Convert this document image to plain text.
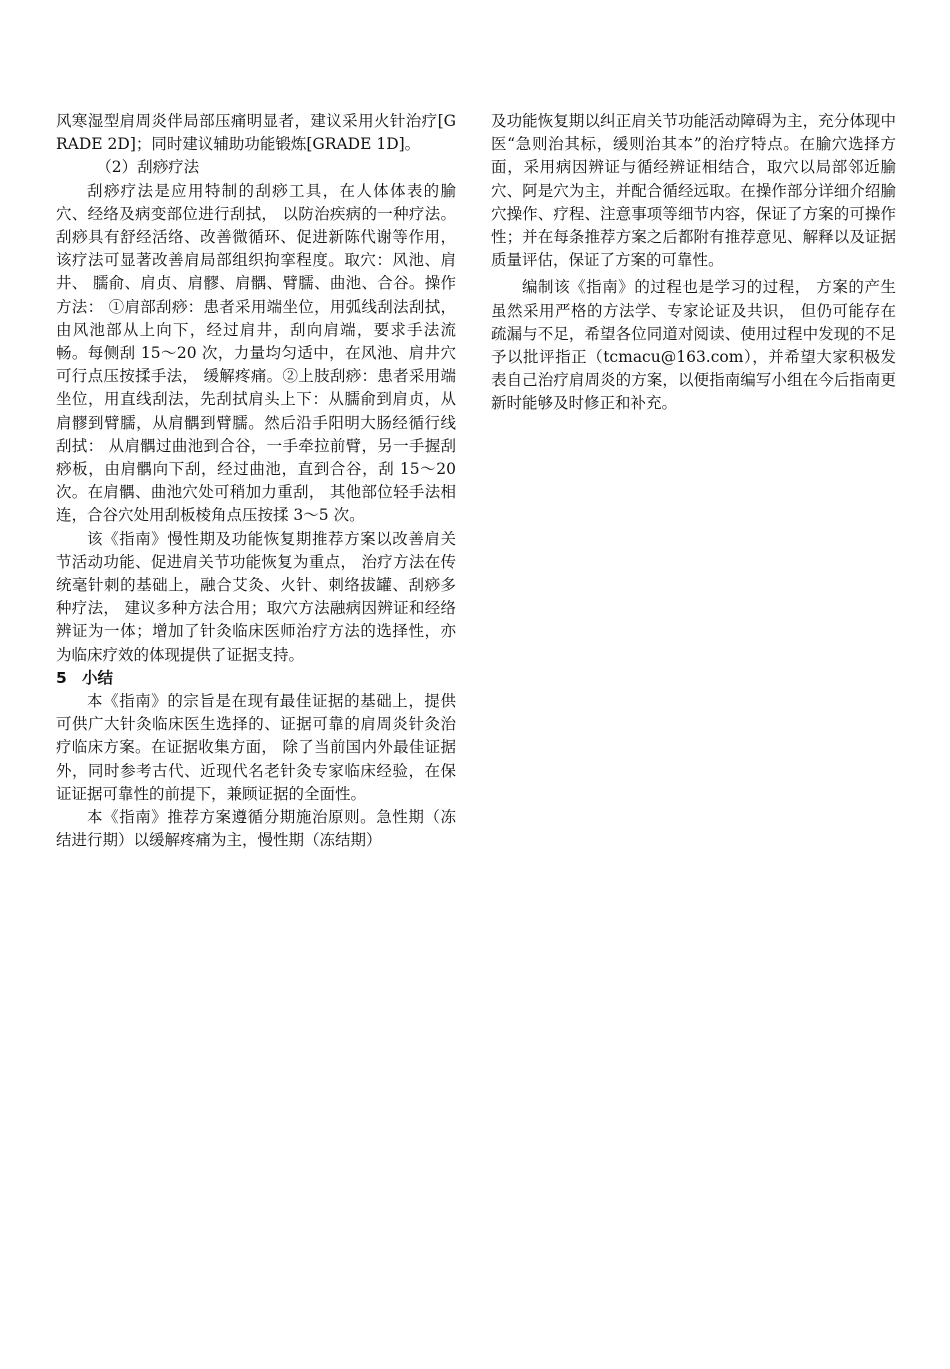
风寒湿型肩周炎伴局部压痛明显者，建议采用火针治疗[GRADE 2D]；同时建议辅助功能锻炼[GRADE 1D]。

（2）刮痧疗法

刮痧疗法是应用特制的刮痧工具，在人体体表的腧穴、经络及病变部位进行刮拭， 以防治疾病的一种疗法。刮痧具有舒经活络、改善微循环、促进新陈代谢等作用，该疗法可显著改善肩局部组织拘挛程度。取穴：风池、肩井、 臑俞、肩贞、肩髎、肩髃、臂臑、曲池、合谷。操作方法： ①肩部刮痧：患者采用端坐位，用弧线刮法刮拭，由风池部从上向下，经过肩井，刮向肩端，要求手法流畅。每侧刮 15～20 次，力量均匀适中，在风池、肩井穴可行点压按揉手法， 缓解疼痛。②上肢刮痧：患者采用端坐位，用直线刮法，先刮拭肩头上下：从臑俞到肩贞，从肩髎到臂臑，从肩髃到臂臑。然后沿手阳明大肠经循行线刮拭： 从肩髃过曲池到合谷，一手牵拉前臂，另一手握刮痧板，由肩髃向下刮，经过曲池，直到合谷，刮 15～20 次。在肩髃、曲池穴处可稍加力重刮， 其他部位轻手法相连，合谷穴处用刮板棱角点压按揉 3～5 次。

该《指南》慢性期及功能恢复期推荐方案以改善肩关节活动功能、促进肩关节功能恢复为重点， 治疗方法在传统毫针刺的基础上，融合艾灸、火针、刺络拔罐、刮痧多种疗法， 建议多种方法合用；取穴方法融病因辨证和经络辨证为一体；增加了针灸临床医师治疗方法的选择性，亦为临床疗效的体现提供了证据支持。

5 小结

本《指南》的宗旨是在现有最佳证据的基础上，提供可供广大针灸临床医生选择的、证据可靠的肩周炎针灸治疗临床方案。在证据收集方面， 除了当前国内外最佳证据外，同时参考古代、近现代名老针灸专家临床经验，在保证证据可靠性的前提下，兼顾证据的全面性。

本《指南》推荐方案遵循分期施治原则。急性期（冻结进行期）以缓解疼痛为主，慢性期（冻结期）

及功能恢复期以纠正肩关节功能活动障碍为主，充分体现中医“急则治其标，缓则治其本”的治疗特点。在腧穴选择方面，采用病因辨证与循经辨证相结合，取穴以局部邻近腧穴、阿是穴为主，并配合循经远取。在操作部分详细介绍腧穴操作、疗程、注意事项等细节内容，保证了方案的可操作性；并在每条推荐方案之后都附有推荐意见、解释以及证据质量评估，保证了方案的可靠性。

编制该《指南》的过程也是学习的过程， 方案的产生虽然采用严格的方法学、专家论证及共识， 但仍可能存在疏漏与不足，希望各位同道对阅读、使用过程中发现的不足予以批评指正（tcmacu@163.com），并希望大家积极发表自己治疗肩周炎的方案，以便指南编写小组在今后指南更新时能够及时修正和补充。
